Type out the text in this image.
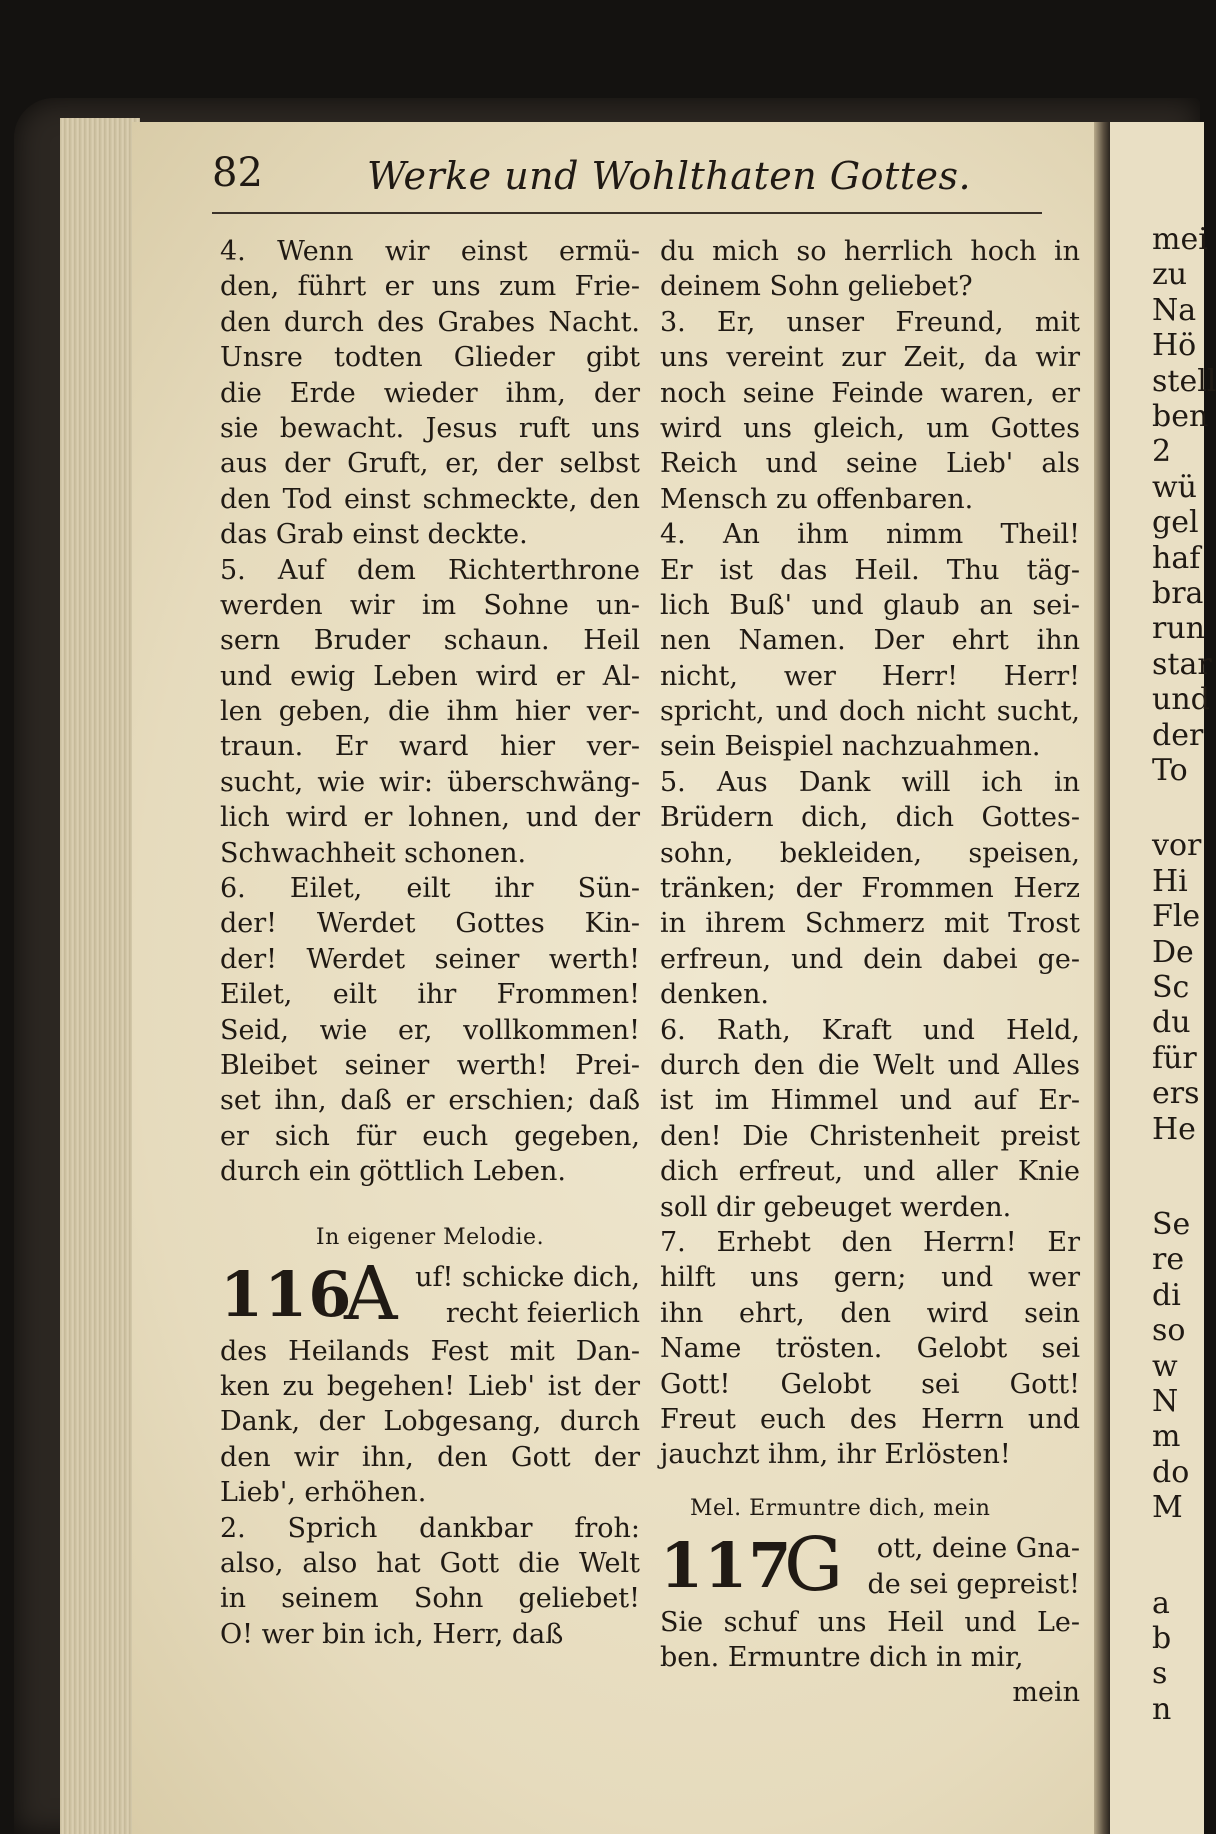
82	Werke und Wohlthaten Gottes.
4. Wenn wir einst ermü-
den, führt er uns zum Frie-
den durch des Grabes Nacht.
Unsre todten Glieder gibt
die Erde wieder ihm, der
sie bewacht. Jesus ruft uns
aus der Gruft, er, der selbst
den Tod einst schmeckte, den
das Grab einst deckte.
5. Auf dem Richterthrone
werden wir im Sohne un-
sern Bruder schaun. Heil
und ewig Leben wird er Al-
len geben, die ihm hier ver-
traun. Er ward hier ver-
sucht, wie wir: überschwäng-
lich wird er lohnen, und der
Schwachheit schonen.
6. Eilet, eilt ihr Sün-
der! Werdet Gottes Kin-
der! Werdet seiner werth!
Eilet, eilt ihr Frommen!
Seid, wie er, vollkommen!
Bleibet seiner werth! Prei-
set ihn, daß er erschien; daß
er sich für euch gegeben,
durch ein göttlich Leben.
In eigener Melodie.
116
A uf! schicke dich,
recht feierlich
des Heilands Fest mit Dan-
ken zu begehen! Lieb' ist der
Dank, der Lobgesang, durch
den wir ihn, den Gott der
Lieb', erhöhen.
2. Sprich dankbar froh:
also, also hat Gott die Welt
in seinem Sohn geliebet!
O! wer bin ich, Herr, daß
du mich so herrlich hoch in
deinem Sohn geliebet?
3. Er, unser Freund, mit
uns vereint zur Zeit, da wir
noch seine Feinde waren, er
wird uns gleich, um Gottes
Reich und seine Lieb' als
Mensch zu offenbaren.
4. An ihm nimm Theil!
Er ist das Heil. Thu täg-
lich Buß' und glaub an sei-
nen Namen. Der ehrt ihn
nicht, wer Herr! Herr!
spricht, und doch nicht sucht,
sein Beispiel nachzuahmen.
5. Aus Dank will ich in
Brüdern dich, dich Gottes-
sohn, bekleiden, speisen,
tränken; der Frommen Herz
in ihrem Schmerz mit Trost
erfreun, und dein dabei ge-
denken.
6. Rath, Kraft und Held,
durch den die Welt und Alles
ist im Himmel und auf Er-
den! Die Christenheit preist
dich erfreut, und aller Knie
soll dir gebeuget werden.
7. Erhebt den Herrn! Er
hilft uns gern; und wer
ihn ehrt, den wird sein
Name trösten. Gelobt sei
Gott! Gelobt sei Gott!
Freut euch des Herrn und
jauchzt ihm, ihr Erlösten!
Mel. Ermuntre dich, mein
117
G ott, deine Gna-
de sei gepreist!
Sie schuf uns Heil und Le-
ben. Ermuntre dich in mir,
mein
mei
zu
Na
Hö
stell
ben
2
wü
gel
haf
bra
run
star
und
der
To
vor
Hi
Fle
De
Sc
du
für
ers
He
Se
re
di
so
w
N
m
do
M
a
b
s
n
